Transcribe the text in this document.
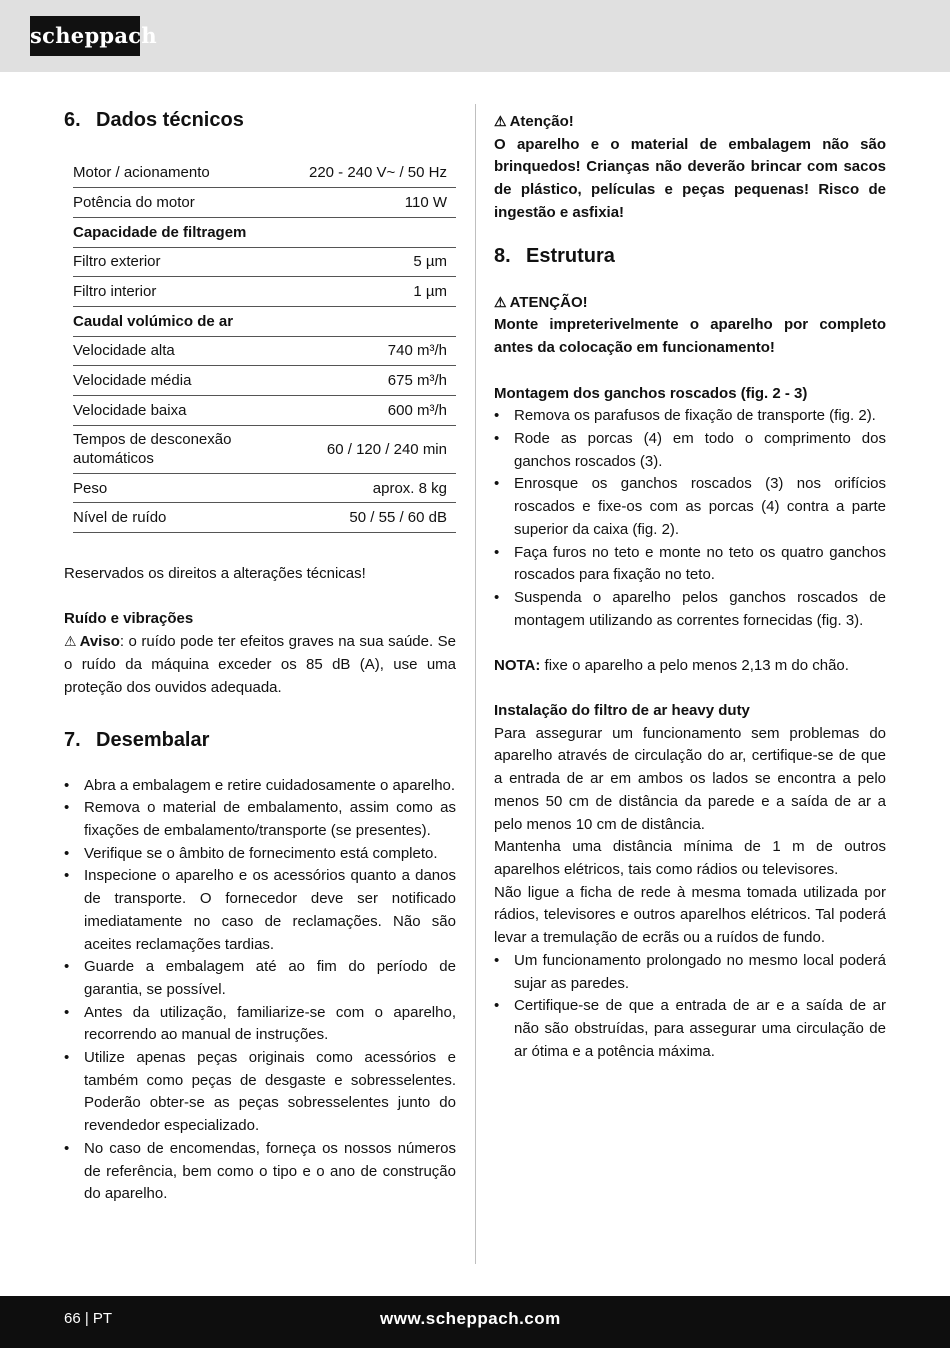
scheppach
6. Dados técnicos
Motor / acionamento	220 - 240 V~ / 50 Hz
Potência do motor	110 W
Capacidade de filtragem	
Filtro exterior	5 µm
Filtro interior	1 µm
Caudal volúmico de ar	
Velocidade alta	740 m³/h
Velocidade média	675 m³/h
Velocidade baixa	600 m³/h
Tempos de desconexão automáticos	60 / 120 / 240 min
Peso	aprox. 8 kg
Nível de ruído	50 / 55 / 60 dB

Reservados os direitos a alterações técnicas!

Ruído e vibrações

⚠ Aviso: o ruído pode ter efeitos graves na sua saúde. Se o ruído da máquina exceder os 85 dB (A), use uma proteção dos ouvidos adequada.

7. Desembalar
• Abra a embalagem e retire cuidadosamente o aparelho.
• Remova o material de embalamento, assim como as fixações de embalamento/transporte (se presentes).
• Verifique se o âmbito de fornecimento está completo.
• Inspecione o aparelho e os acessórios quanto a danos de transporte. O fornecedor deve ser notificado imediatamente no caso de reclamações. Não são aceites reclamações tardias.
• Guarde a embalagem até ao fim do período de garantia, se possível.
• Antes da utilização, familiarize-se com o aparelho, recorrendo ao manual de instruções.
• Utilize apenas peças originais como acessórios e também como peças de desgaste e sobresselentes. Poderão obter-se as peças sobresselentes junto do revendedor especializado.
• No caso de encomendas, forneça os nossos números de referência, bem como o tipo e o ano de construção do aparelho.

⚠ Atenção!

O aparelho e o material de embalagem não são brinquedos! Crianças não deverão brincar com sacos de plástico, películas e peças pequenas! Risco de ingestão e asfixia!

8. Estrutura

⚠ ATENÇÃO!

Monte impreterivelmente o aparelho por completo antes da colocação em funcionamento!

Montagem dos ganchos roscados (fig. 2 - 3)

• Remova os parafusos de fixação de transporte (fig. 2).
• Rode as porcas (4) em todo o comprimento dos ganchos roscados (3).
• Enrosque os ganchos roscados (3) nos orifícios roscados e fixe-os com as porcas (4) contra a parte superior da caixa (fig. 2).
• Faça furos no teto e monte no teto os quatro ganchos roscados para fixação no teto.
• Suspenda o aparelho pelos ganchos roscados de montagem utilizando as correntes fornecidas (fig. 3).

NOTA: fixe o aparelho a pelo menos 2,13 m do chão.

Instalação do filtro de ar heavy duty

Para assegurar um funcionamento sem problemas do aparelho através de circulação do ar, certifique-se de que a entrada de ar em ambos os lados se encontra a pelo menos 50 cm de distância da parede e a saída de ar a pelo menos 10 cm de distância.

Mantenha uma distância mínima de 1 m de outros aparelhos elétricos, tais como rádios ou televisores.

Não ligue a ficha de rede à mesma tomada utilizada por rádios, televisores e outros aparelhos elétricos. Tal poderá levar a tremulação de ecrãs ou a ruídos de fundo.

• Um funcionamento prolongado no mesmo local poderá sujar as paredes.
• Certifique-se de que a entrada de ar e a saída de ar não são obstruídas, para assegurar uma circulação de ar ótima e a potência máxima.
66 | PT	www.scheppach.com
